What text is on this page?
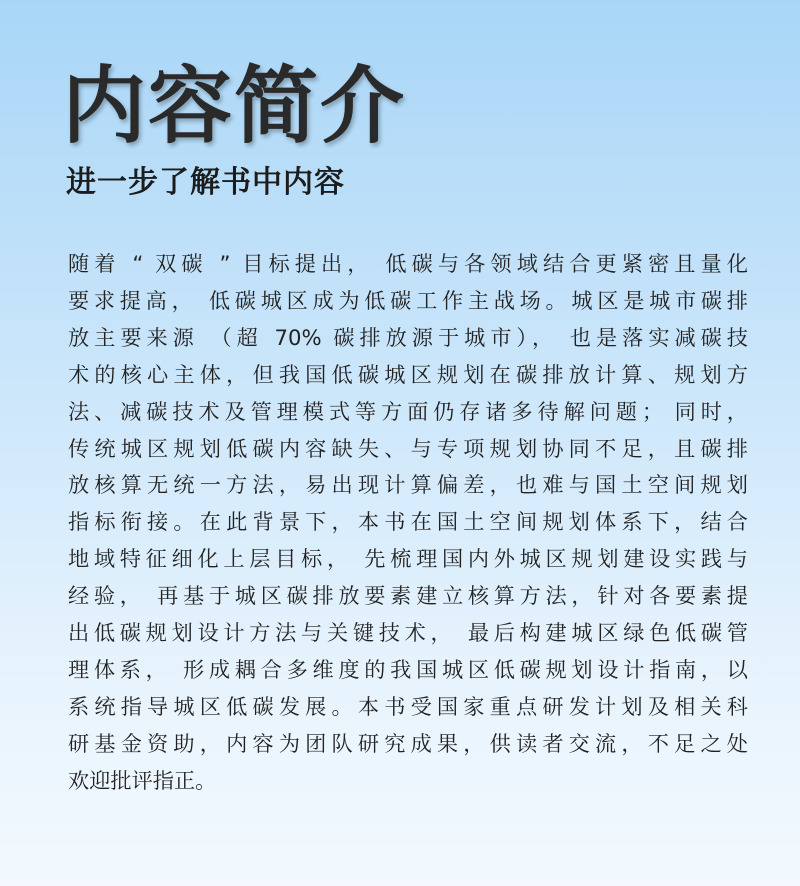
内容简介
进一步了解书中内容
随着 “ 双碳 ” 目标提出， 低碳与各领域结合更紧密且量化
要求提高， 低碳城区成为低碳工作主战场。城区是城市碳排
放主要来源 （超 70% 碳排放源于城市）， 也是落实减碳技
术的核心主体，但我国低碳城区规划在碳排放计算、规划方
法、减碳技术及管理模式等方面仍存诸多待解问题； 同时，
传统城区规划低碳内容缺失、与专项规划协同不足，且碳排
放核算无统一方法，易出现计算偏差，也难与国土空间规划
指标衔接。在此背景下，本书在国土空间规划体系下，结合
地域特征细化上层目标， 先梳理国内外城区规划建设实践与
经验， 再基于城区碳排放要素建立核算方法，针对各要素提
出低碳规划设计方法与关键技术， 最后构建城区绿色低碳管
理体系， 形成耦合多维度的我国城区低碳规划设计指南，以
系统指导城区低碳发展。本书受国家重点研发计划及相关科
研基金资助，内容为团队研究成果，供读者交流，不足之处
欢迎批评指正。
